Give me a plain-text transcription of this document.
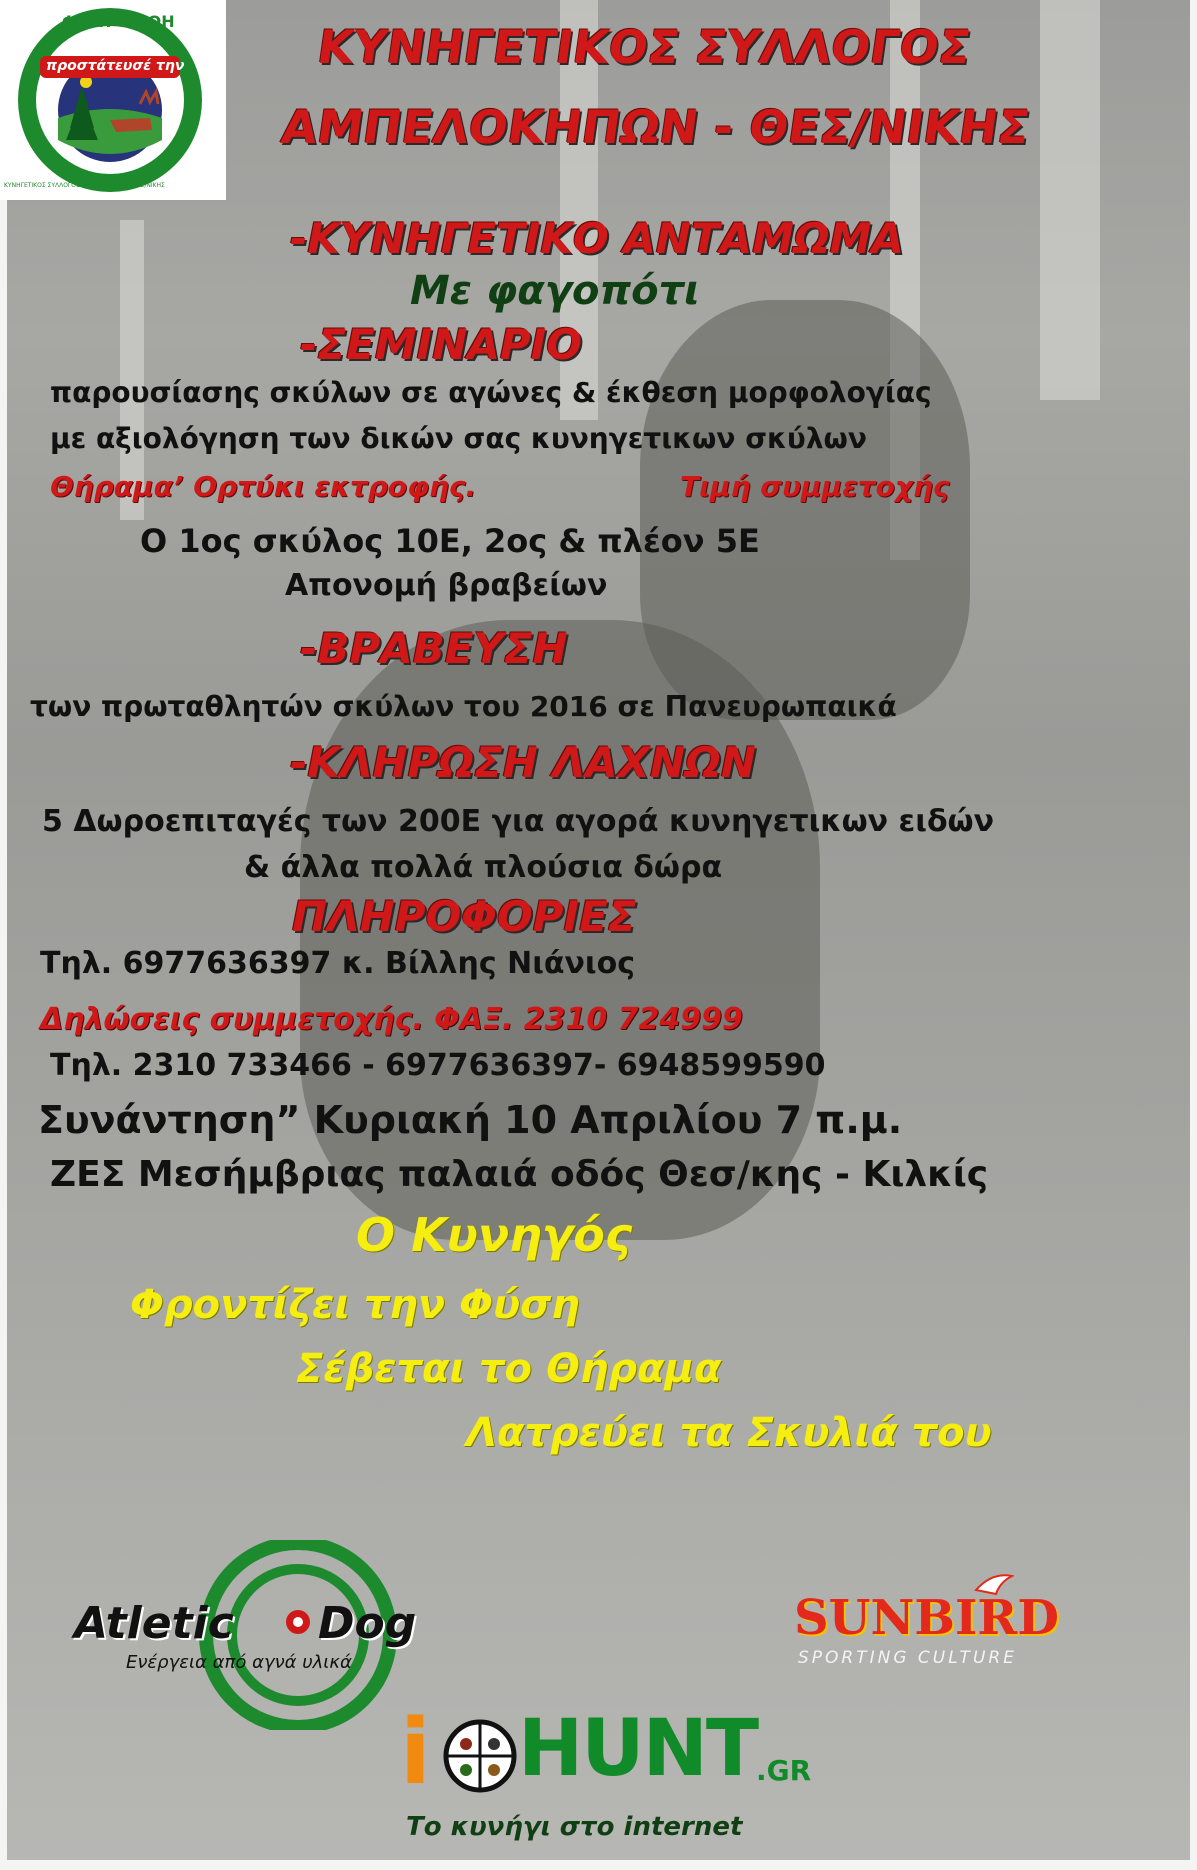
ΦΥΣΗ = ΖΩΗ
προστάτευσέ την
ΚΥΝΗΓΕΤΙΚΟΣ ΣΥΛΛΟΓΟΣ ΑΜΠΕΛΟΚΗΠΩΝ ΘΕΣ/ΝΙΚΗΣ
ΚΥΝΗΓΕΤΙΚΟΣ ΣΥΛΛΟΓΟΣ
ΑΜΠΕΛΟΚΗΠΩΝ - ΘΕΣ/ΝΙΚΗΣ
-ΚΥΝΗΓΕΤΙΚΟ ΑΝΤΑΜΩΜΑ
Με φαγοπότι
-ΣΕΜΙΝΑΡΙΟ
παρουσίασης σκύλων σε αγώνες & έκθεση μορφολογίας
με αξιολόγηση των δικών σας κυνηγετικων σκύλων
Θήραμα’ Ορτύκι εκτροφής.	Τιμή συμμετοχής
Ο 1ος σκύλος 10Ε, 2ος & πλέον 5Ε
Απονομή βραβείων
-ΒΡΑΒΕΥΣΗ
των πρωταθλητών σκύλων του 2016 σε Πανευρωπαικά
-ΚΛΗΡΩΣΗ ΛΑΧΝΩΝ
5 Δωροεπιταγές των 200Ε για αγορά κυνηγετικων ειδών
& άλλα πολλά πλούσια δώρα
ΠΛΗΡΟΦΟΡΙΕΣ
Τηλ. 6977636397 κ. Βίλλης Νιάνιος
Δηλώσεις συμμετοχής. ΦΑΞ. 2310 724999
Τηλ. 2310 733466 - 6977636397- 6948599590
Συνάντηση” Κυριακή 10 Απριλίου 7 π.μ.
ΖΕΣ Μεσήμβριας παλαιά οδός Θεσ/κης - Κιλκίς
Ο Κυνηγός
Φροντίζει την Φύση
Σέβεται το Θήραμα
Λατρεύει τα Σκυλιά του
Atletic Dog
Ενέργεια από αγνά υλικά
SUNBIRD
SPORTING CULTURE
i HUNT
.GR
Το κυνήγι στο internet
